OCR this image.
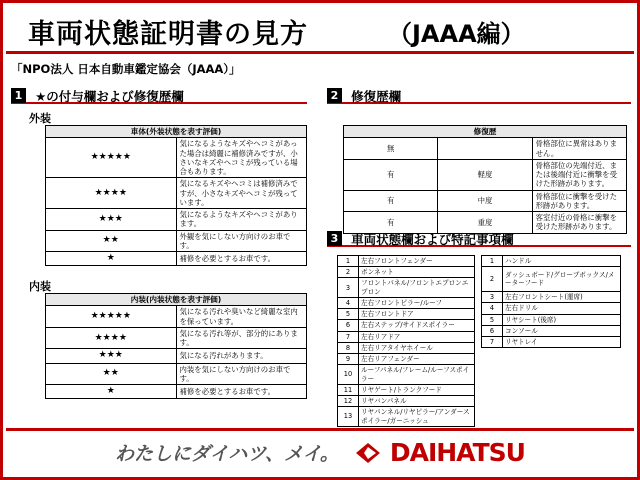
車両状態証明書の見方	（JAAA編）
「NPO法人 日本自動車鑑定協会（JAAA）」
1 ★の付与欄および修復歴欄
外装
車体(外装状態を表す評価)	
★★★★★	気になるようなキズやヘコミがあった場合は綺麗に補修済みですが、小さいなキズやヘコミが残っている場合もあります。
★★★★	気になるキズやヘコミは補修済みですが、小さなキズやヘコミが残っています。
★★★	気になるようなキズやヘコミがあります。
★★	外観を気にしない方向けのお車です。
★	補修を必要とするお車です。
内装
内装(内装状態を表す評価)	
★★★★★	気になる汚れや臭いなど綺麗な室内を保っています。
★★★★	気になる汚れ等が、部分的にあります。
★★★	気になる汚れがあります。
★★	内装を気にしない方向けのお車です。
★	補修を必要とするお車です。
2 修復歴欄
修復歴		
無		骨格部位に異常はありません。
有	軽度	骨格部位の先端付近、または後端付近に衝撃を受けた形跡があります。
有	中度	骨格部位に衝撃を受けた形跡があります。
有	重度	客室付近の骨格に衝撃を受けた形跡があります。
3 車両状態欄および特記事項欄
1	左右フロントフェンダー
2	ボンネット
3	フロントパネル/フロントエプロンエプロン
4	左右フロントピラー/ルーフ
5	左右フロントドア
6	左右ステップ/サイドスポイラー
7	左右リアドア
8	左右リアタイヤホイール
9	左右リアフェンダー
10	ルーフパネル/フレーム/ルーフスポイラー
11	リヤゲート/トランクフード
12	リヤバンパネル
13	リヤパンネル/リヤピラー/アンダースポイラー/ガーニッシュ
1	ハンドル
2	ダッシュボード/グローブボックス/メーターフード
3	左右フロントシート(運席)
4	左右ドリル
5	リヤシート(後席)
6	コンソール
7	リヤトレイ
わたしにダイハツ、メイ。 DAIHATSU
